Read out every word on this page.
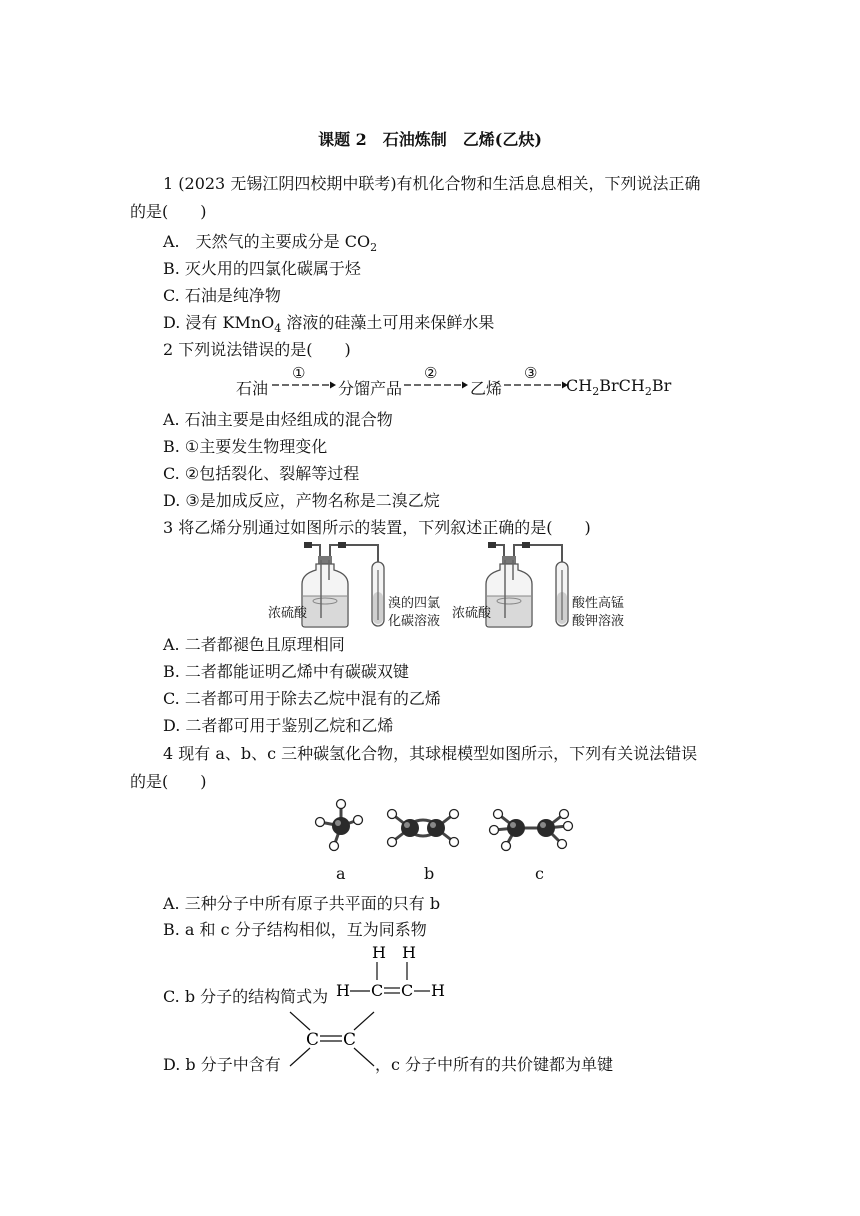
课题 2　石油炼制　乙烯(乙炔)
1 (2023 无锡江阴四校期中联考)有机化合物和生活息息相关，下列说法正确
的是(　　)
A.　天然气的主要成分是 $CO_2$
B. 灭火用的四氯化碳属于烃
C. 石油是纯净物
D. 浸有 KMnO$_4$ 溶液的硅藻土可用来保鲜水果
2 下列说法错误的是(　　)
石油
①
分馏产品
②
乙烯
③
$CH_2BrCH_2Br$
A. 石油主要是由烃组成的混合物
B. ①主要发生物理变化
C. ②包括裂化、裂解等过程
D. ③是加成反应，产物名称是二溴乙烷
3 将乙烯分别通过如图所示的装置，下列叙述正确的是(　　)
浓硫酸
溴的四氯
化碳溶液
浓硫酸
酸性高锰
酸钾溶液
A. 二者都褪色且原理相同
B. 二者都能证明乙烯中有碳碳双键
C. 二者都可用于除去乙烷中混有的乙烯
D. 二者都可用于鉴别乙烷和乙烯
4 现有 a、b、c 三种碳氢化合物，其球棍模型如图所示，下列有关说法错误
的是(　　)
a	b	c
A. 三种分子中所有原子共平面的只有 b
B. a 和 c 分子结构相似，互为同系物
C. b 分子的结构简式为
H H
H C C H
D. b 分子中含有	，c 分子中所有的共价键都为单键
C C
